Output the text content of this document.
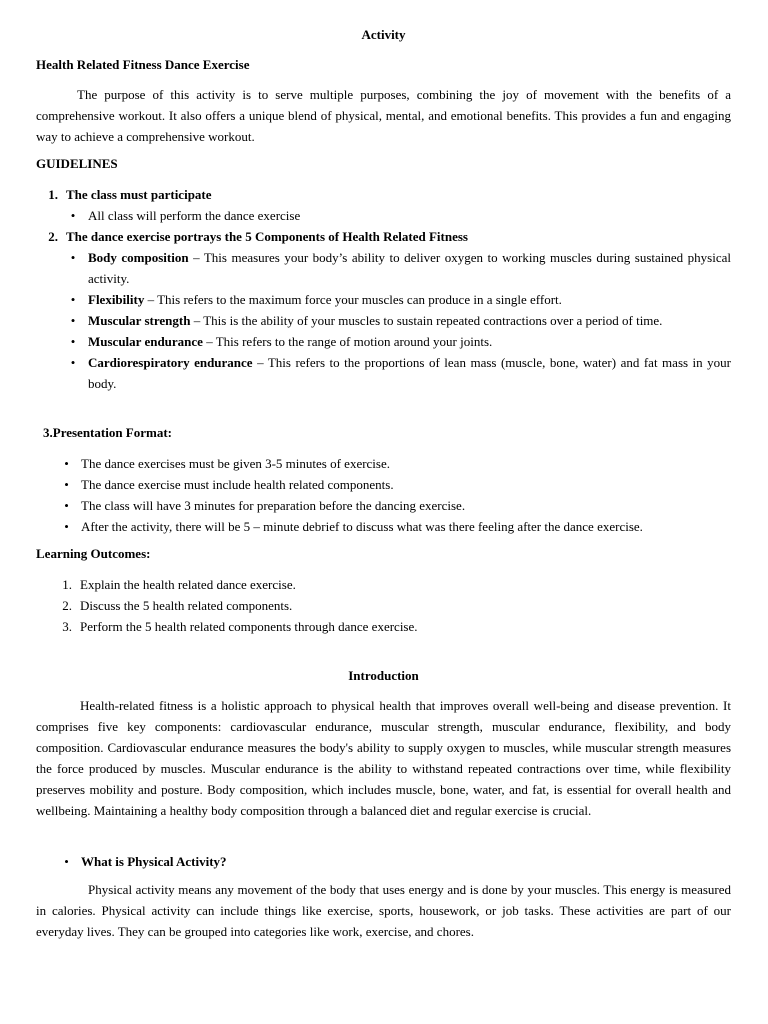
Activity

Health Related Fitness Dance Exercise

The purpose of this activity is to serve multiple purposes, combining the joy of movement with the benefits of a comprehensive workout. It also offers a unique blend of physical, mental, and emotional benefits. This provides a fun and engaging way to achieve a comprehensive workout.

GUIDELINES

1. The class must participate
• All class will perform the dance exercise
2. The dance exercise portrays the 5 Components of Health Related Fitness
• Body composition – This measures your body’s ability to deliver oxygen to working muscles during sustained physical activity.
• Flexibility – This refers to the maximum force your muscles can produce in a single effort.
• Muscular strength – This is the ability of your muscles to sustain repeated contractions over a period of time.
• Muscular endurance – This refers to the range of motion around your joints.
• Cardiorespiratory endurance – This refers to the proportions of lean mass (muscle, bone, water) and fat mass in your body.

3.Presentation Format:

• The dance exercises must be given 3-5 minutes of exercise.
• The dance exercise must include health related components.
• The class will have 3 minutes for preparation before the dancing exercise.
• After the activity, there will be 5 – minute debrief to discuss what was there feeling after the dance exercise.

Learning Outcomes:

1. Explain the health related dance exercise.
2. Discuss the 5 health related components.
3. Perform the 5 health related components through dance exercise.

Introduction

Health-related fitness is a holistic approach to physical health that improves overall well-being and disease prevention. It comprises five key components: cardiovascular endurance, muscular strength, muscular endurance, flexibility, and body composition. Cardiovascular endurance measures the body's ability to supply oxygen to muscles, while muscular strength measures the force produced by muscles. Muscular endurance is the ability to withstand repeated contractions over time, while flexibility preserves mobility and posture. Body composition, which includes muscle, bone, water, and fat, is essential for overall health and wellbeing. Maintaining a healthy body composition through a balanced diet and regular exercise is crucial.

• What is Physical Activity?

Physical activity means any movement of the body that uses energy and is done by your muscles. This energy is measured in calories. Physical activity can include things like exercise, sports, housework, or job tasks. These activities are part of our everyday lives. They can be grouped into categories like work, exercise, and chores.
